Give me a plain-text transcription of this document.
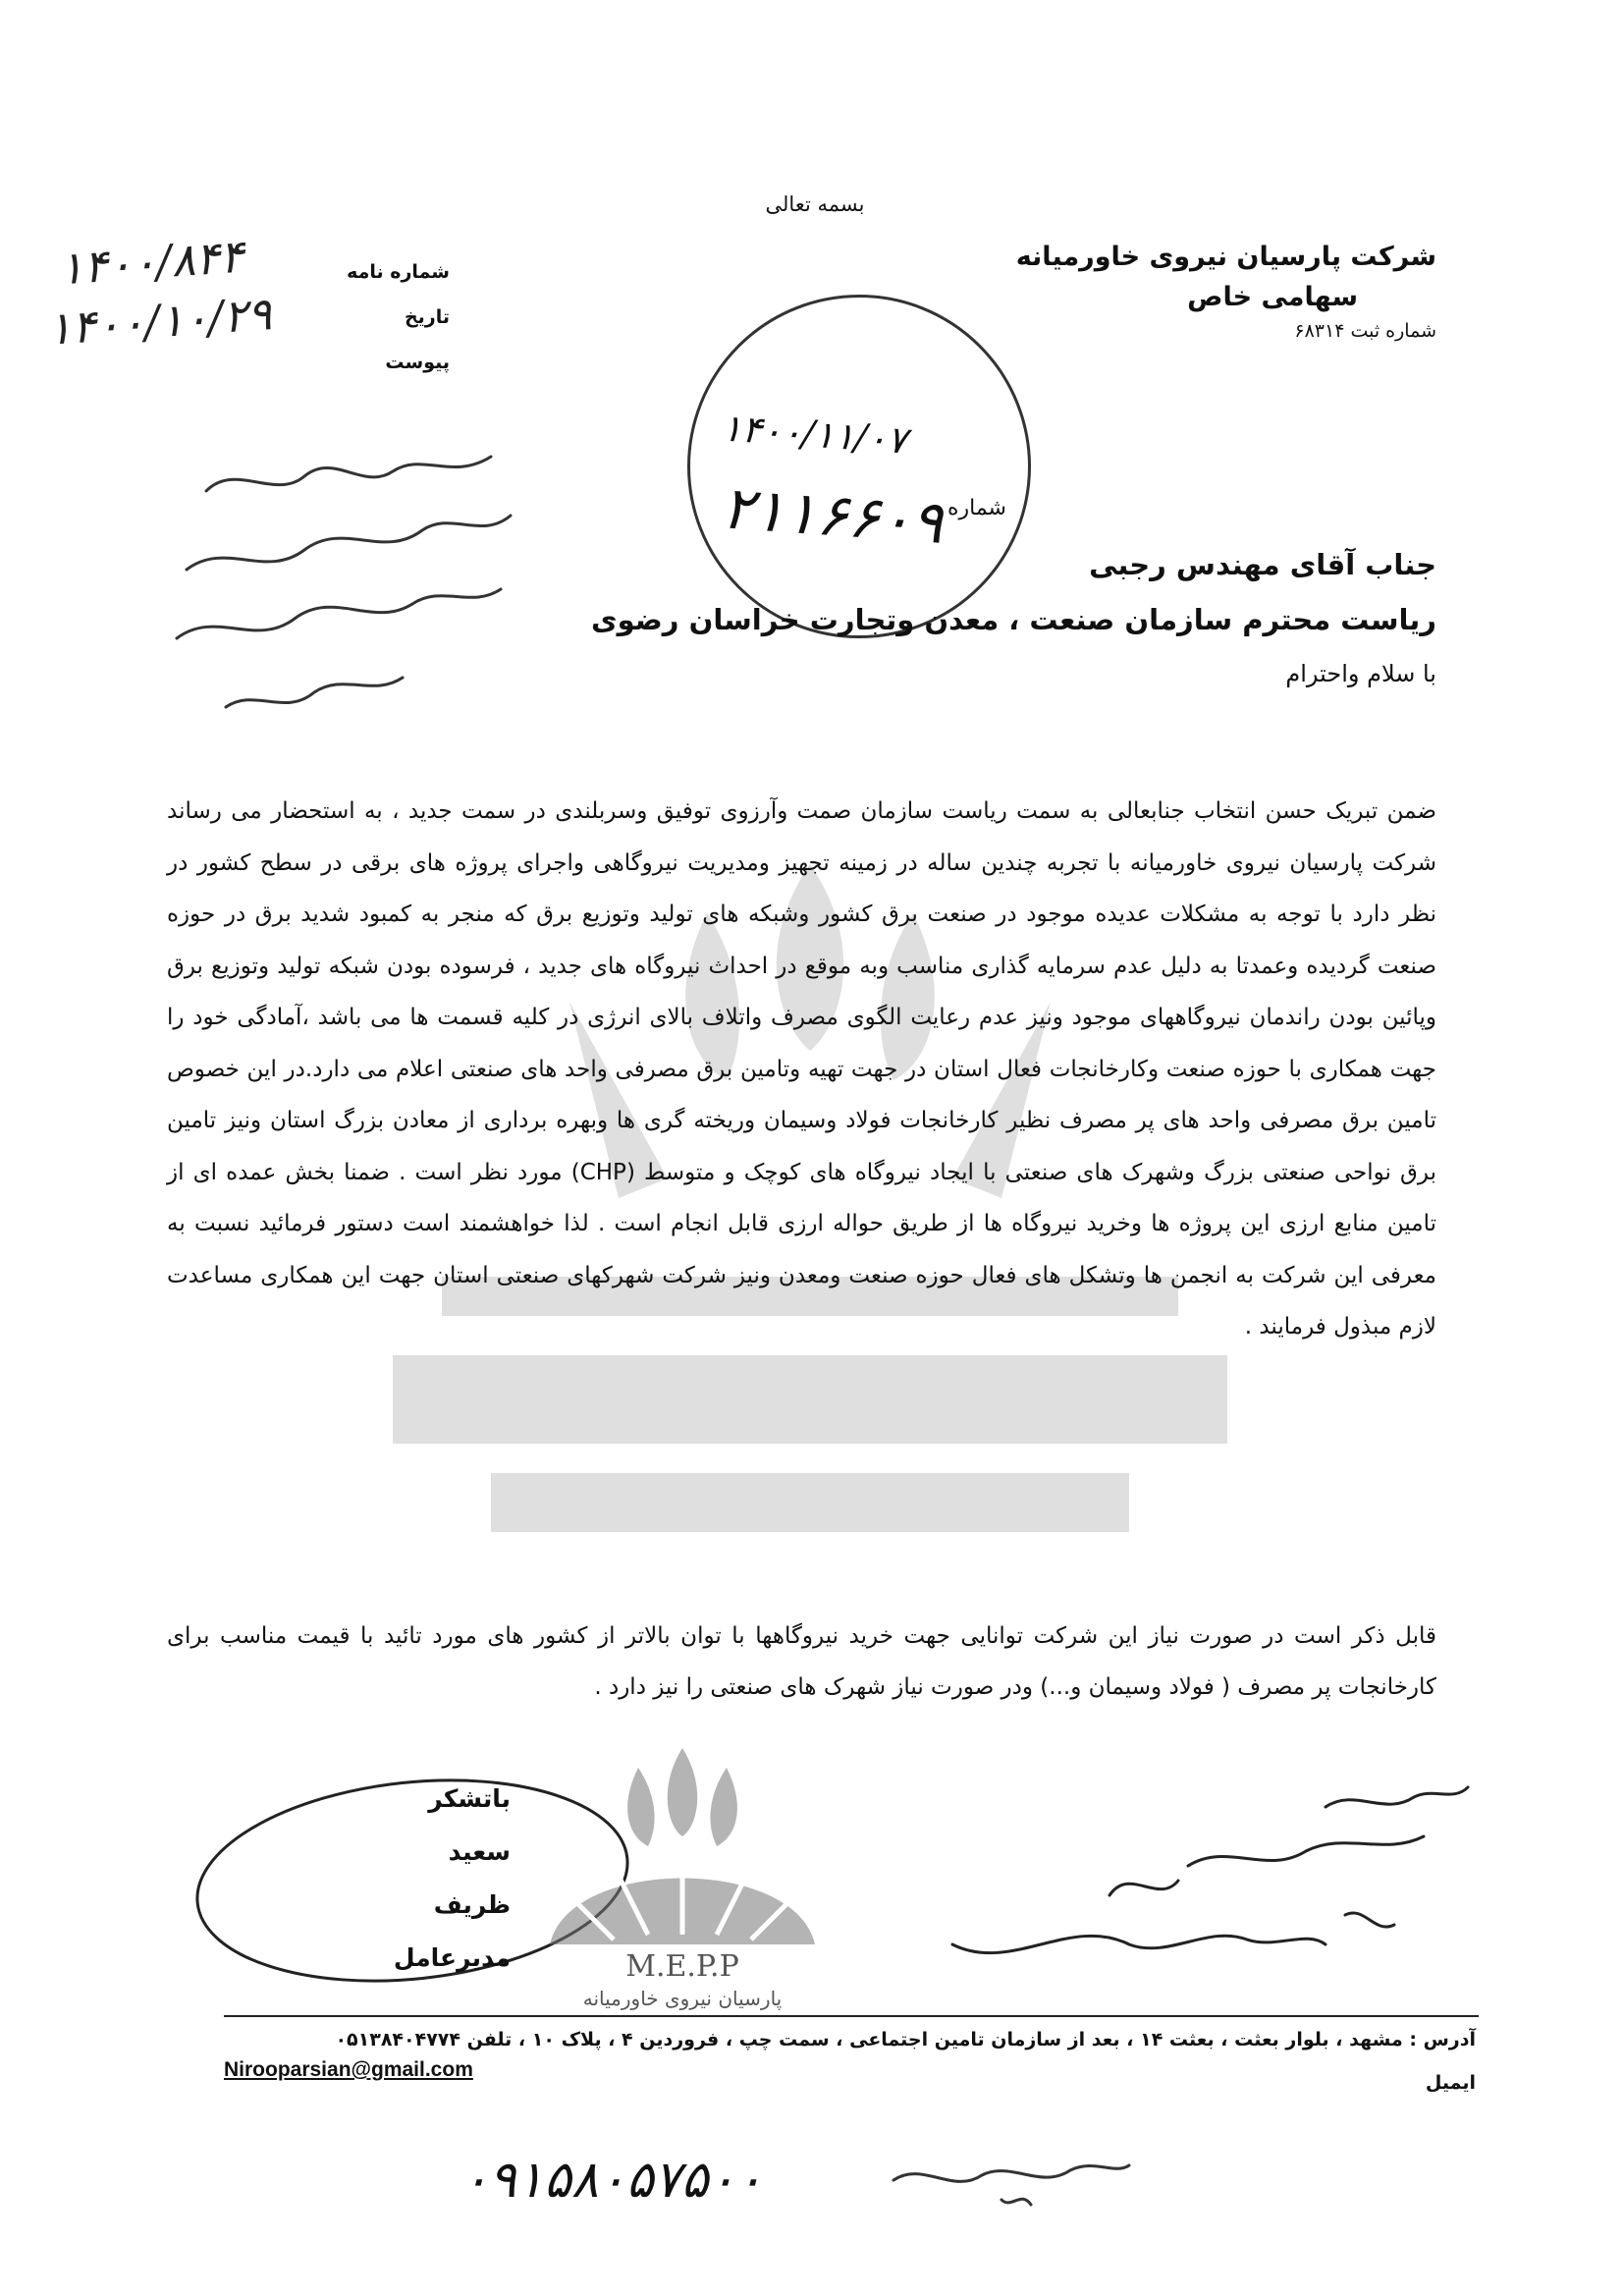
بسمه تعالی
شرکت پارسیان نیروی خاورمیانه
سهامی خاص
شماره ثبت ۶۸۳۱۴
شماره نامه
تاریخ
پیوست
۱۴۰۰/۸۴۴
۱۴۰۰/۱۰/۲۹
۱۴۰۰/۱۱/۰۷
۲۱۱۶۶۰۹ شماره
جناب آقای مهندس رجبی
ریاست محترم سازمان صنعت ، معدن وتجارت خراسان رضوی
با سلام واحترام

ضمن تبریک حسن انتخاب جنابعالی به سمت ریاست سازمان صمت وآرزوی توفیق وسربلندی در سمت جدید ، به استحضار می رساند شرکت پارسیان نیروی خاورمیانه با تجربه چندین ساله در زمینه تجهیز ومدیریت نیروگاهی واجرای پروژه های برقی در سطح کشور در نظر دارد با توجه به مشکلات عدیده موجود در صنعت برق کشور وشبکه های تولید وتوزیع برق که منجر به کمبود شدید برق در حوزه صنعت گردیده وعمدتا به دلیل عدم سرمایه گذاری مناسب وبه موقع در احداث نیروگاه های جدید ، فرسوده بودن شبکه تولید وتوزیع برق وپائین بودن راندمان نیروگاههای موجود ونیز عدم رعایت الگوی مصرف واتلاف بالای انرژی در کلیه قسمت ها می باشد ،آمادگی خود را جهت همکاری با حوزه صنعت وکارخانجات فعال استان در جهت تهیه وتامین برق مصرفی واحد های صنعتی اعلام می دارد.در این خصوص تامین برق مصرفی واحد های پر مصرف نظیر کارخانجات فولاد وسیمان وریخته گری ها وبهره برداری از معادن بزرگ استان ونیز تامین برق نواحی صنعتی بزرگ وشهرک های صنعتی با ایجاد نیروگاه های کوچک و متوسط (CHP) مورد نظر است . ضمنا بخش عمده ای از تامین منابع ارزی این پروژه ها وخرید نیروگاه ها از طریق حواله ارزی قابل انجام است . لذا خواهشمند است دستور فرمائید نسبت به معرفی این شرکت به انجمن ها وتشکل های فعال حوزه صنعت ومعدن ونیز شرکت شهرکهای صنعتی استان جهت این همکاری مساعدت لازم مبذول فرمایند .

قابل ذکر است در صورت نیاز این شرکت توانایی جهت خرید نیروگاهها با توان بالاتر از کشور های مورد تائید با قیمت مناسب برای کارخانجات پر مصرف ( فولاد وسیمان و...) ودر صورت نیاز شهرک های صنعتی را نیز دارد .

M.E.P.P
پارسیان نیروی خاورمیانه
باتشکر
سعید ظریف
مدیرعامل
آدرس : مشهد ، بلوار بعثت ، بعثت ۱۴ ، بعد از سازمان تامین اجتماعی ، سمت چپ ، فروردین ۴ ، پلاک ۱۰ ، تلفن ۰۵۱۳۸۴۰۴۷۷۴
ایمیل
Nirooparsian@gmail.com
۰۹۱۵۸۰۵۷۵۰۰
